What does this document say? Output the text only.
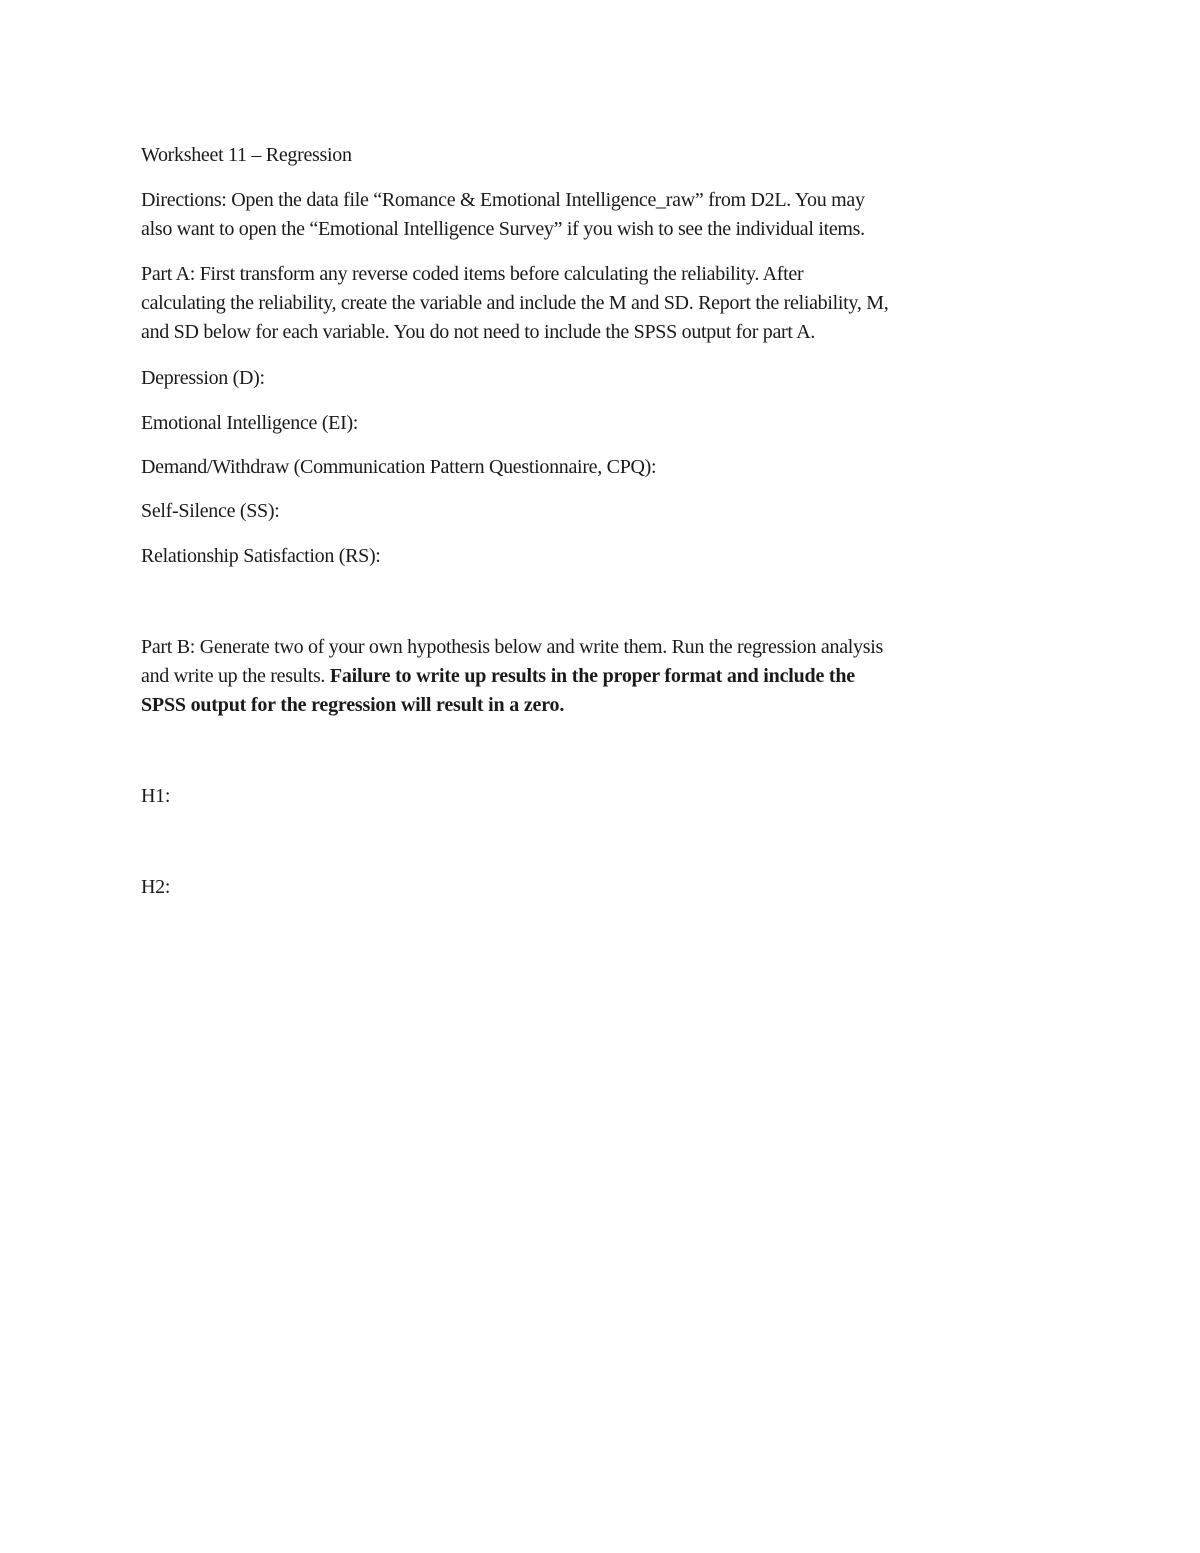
Worksheet 11 – Regression
Directions: Open the data file “Romance & Emotional Intelligence_raw” from D2L. You may
also want to open the “Emotional Intelligence Survey” if you wish to see the individual items.
Part A: First transform any reverse coded items before calculating the reliability. After
calculating the reliability, create the variable and include the M and SD. Report the reliability, M,
and SD below for each variable. You do not need to include the SPSS output for part A.
Depression (D):
Emotional Intelligence (EI):
Demand/Withdraw (Communication Pattern Questionnaire, CPQ):
Self-Silence (SS):
Relationship Satisfaction (RS):
Part B: Generate two of your own hypothesis below and write them. Run the regression analysis
and write up the results. Failure to write up results in the proper format and include the
SPSS output for the regression will result in a zero.
H1:
H2:
